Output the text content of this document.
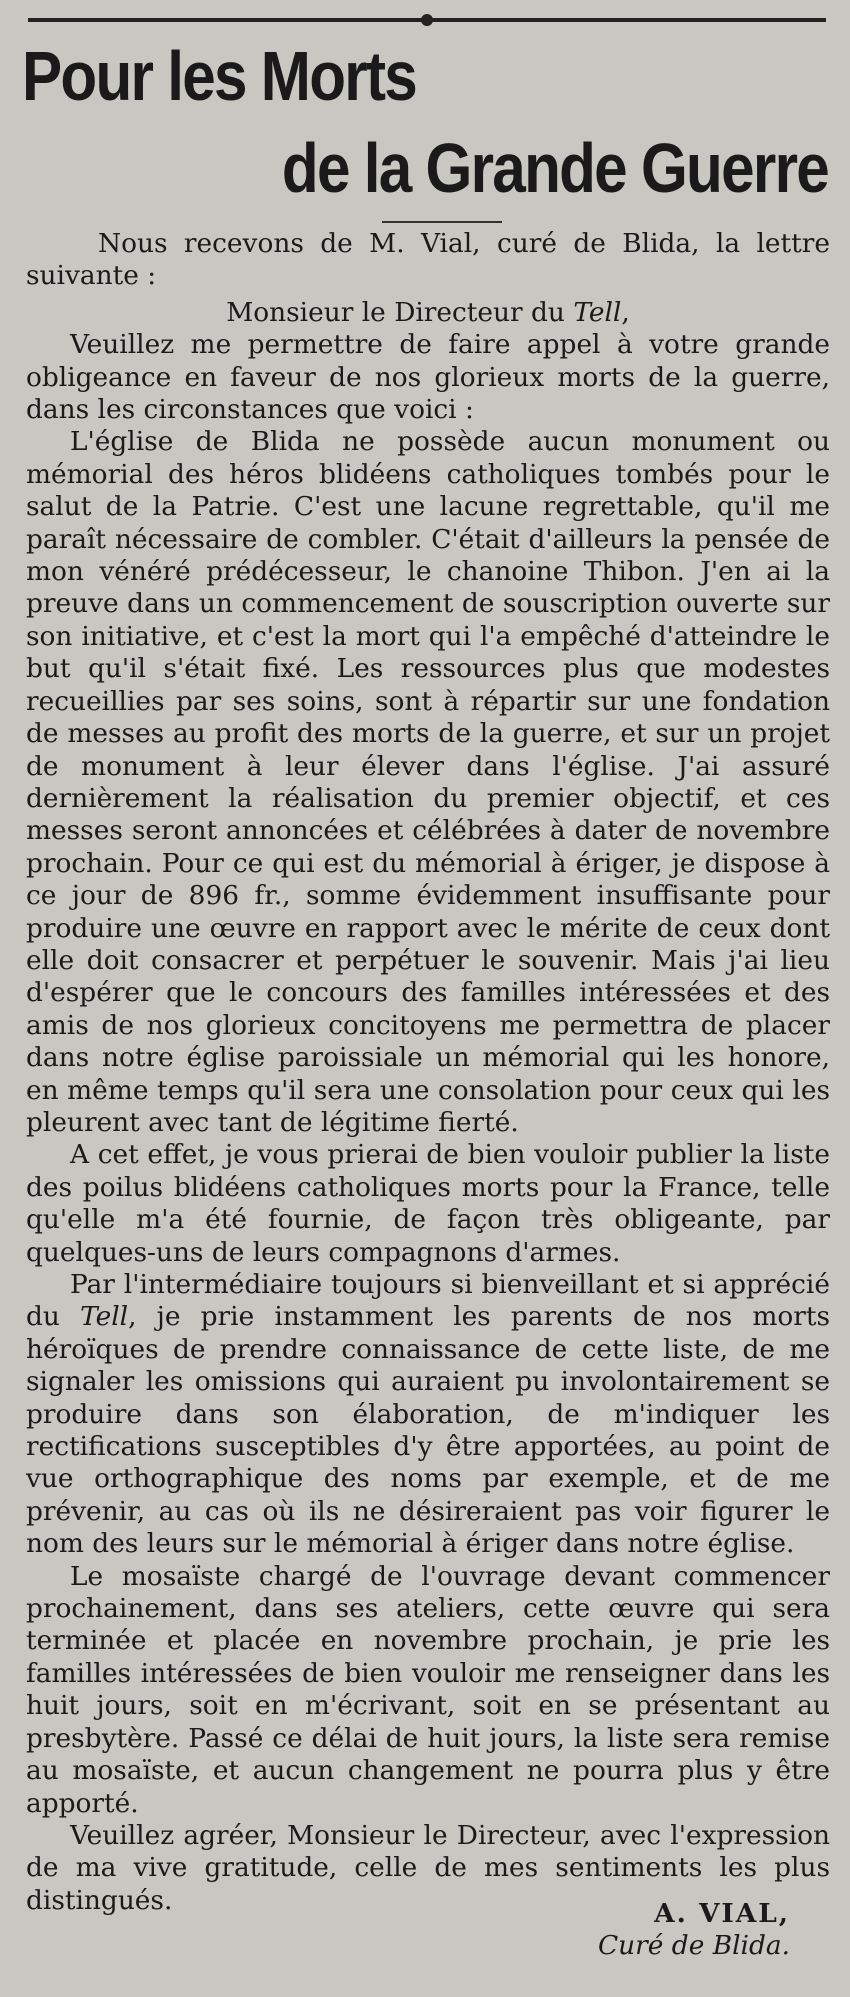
Pour les Morts
de la Grande Guerre

Nous recevons de M. Vial, curé de Blida, la lettre suivante :

Monsieur le Directeur du Tell,

Veuillez me permettre de faire appel à votre grande obligeance en faveur de nos glorieux morts de la guerre, dans les circonstances que voici :

L'église de Blida ne possède aucun monument ou mémorial des héros blidéens catholiques tombés pour le salut de la Patrie. C'est une lacune regrettable, qu'il me paraît nécessaire de combler. C'était d'ailleurs la pensée de mon vénéré prédécesseur, le chanoine Thibon. J'en ai la preuve dans un commencement de souscription ouverte sur son initiative, et c'est la mort qui l'a empêché d'atteindre le but qu'il s'était fixé. Les ressources plus que modestes recueillies par ses soins, sont à répartir sur une fondation de messes au profit des morts de la guerre, et sur un projet de monument à leur élever dans l'église. J'ai assuré dernièrement la réalisation du premier objectif, et ces messes seront annoncées et célébrées à dater de novembre prochain. Pour ce qui est du mémorial à ériger, je dispose à ce jour de 896 fr., somme évidemment insuffisante pour produire une œuvre en rapport avec le mérite de ceux dont elle doit consacrer et perpétuer le souvenir. Mais j'ai lieu d'espérer que le concours des familles intéressées et des amis de nos glorieux concitoyens me permettra de placer dans notre église paroissiale un mémorial qui les honore, en même temps qu'il sera une consolation pour ceux qui les pleurent avec tant de légitime fierté.

A cet effet, je vous prierai de bien vouloir publier la liste des poilus blidéens catholiques morts pour la France, telle qu'elle m'a été fournie, de façon très obligeante, par quelques-uns de leurs compagnons d'armes.

Par l'intermédiaire toujours si bienveillant et si apprécié du Tell, je prie instamment les parents de nos morts héroïques de prendre connaissance de cette liste, de me signaler les omissions qui auraient pu involontairement se produire dans son élaboration, de m'indiquer les rectifications susceptibles d'y être apportées, au point de vue orthographique des noms par exemple, et de me prévenir, au cas où ils ne désireraient pas voir figurer le nom des leurs sur le mémorial à ériger dans notre église.

Le mosaïste chargé de l'ouvrage devant commencer prochainement, dans ses ateliers, cette œuvre qui sera terminée et placée en novembre prochain, je prie les familles intéressées de bien vouloir me renseigner dans les huit jours, soit en m'écrivant, soit en se présentant au presbytère. Passé ce délai de huit jours, la liste sera remise au mosaïste, et aucun changement ne pourra plus y être apporté.

Veuillez agréer, Monsieur le Directeur, avec l'expression de ma vive gratitude, celle de mes sentiments les plus distingués.	A. VIAL,
Curé de Blida.
